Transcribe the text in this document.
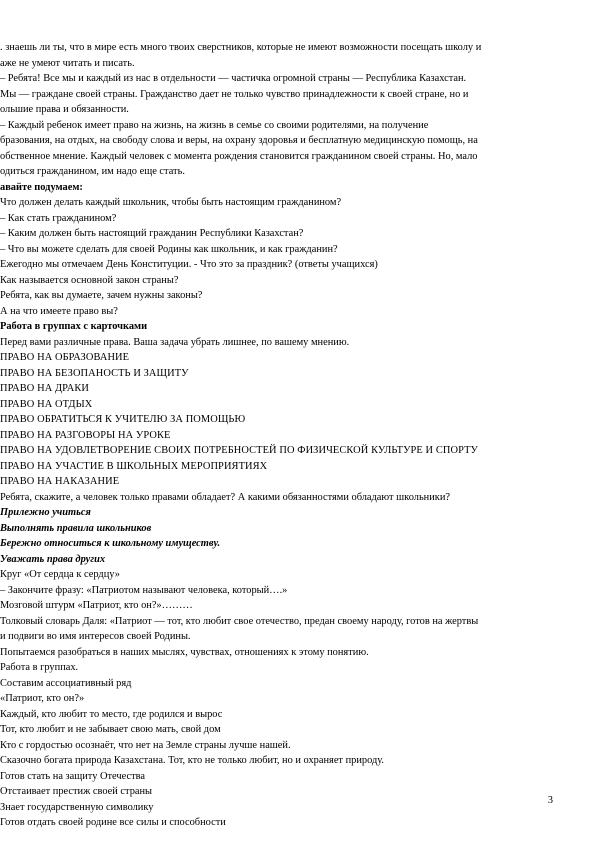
. знаешь ли ты, что в мире есть много твоих сверстников, которые не имеют возможности посещать школу и

аже не умеют читать и писать.

– Ребята! Все мы и каждый из нас в отдельности — частичка огромной страны — Республика Казахстан.

Мы — граждане своей страны. Гражданство дает не только чувство принадлежности к своей стране, но и

ольшие права и обязанности.

– Каждый ребенок имеет право на жизнь, на жизнь в семье со своими родителями, на получение

бразования, на отдых, на свободу слова и веры, на охрану здоровья и бесплатную медицинскую помощь, на

обственное мнение. Каждый человек с момента рождения становится гражданином своей страны. Но, мало

одиться гражданином, им надо еще стать.

авайте подумаем:

Что должен делать каждый школьник, чтобы быть настоящим гражданином?

– Как стать гражданином?

– Каким должен быть настоящий гражданин Республики Казахстан?

– Что вы можете сделать для своей Родины как школьник, и как гражданин?

Ежегодно мы отмечаем День Конституции. - Что это за праздник? (ответы учащихся)

Как называется основной закон страны?

Ребята, как вы думаете, зачем нужны законы?

А на что имеете право вы?

Работа в группах с карточками

Перед вами различные права. Ваша задача убрать лишнее, по вашему мнению.

ПРАВО НА ОБРАЗОВАНИЕ

ПРАВО НА БЕЗОПАНОСТЬ И ЗАЩИТУ

ПРАВО НА ДРАКИ

ПРАВО НА ОТДЫХ

ПРАВО ОБРАТИТЬСЯ К УЧИТЕЛЮ ЗА ПОМОЩЬЮ

ПРАВО НА РАЗГОВОРЫ НА УРОКЕ

ПРАВО НА УДОВЛЕТВОРЕНИЕ СВОИХ ПОТРЕБНОСТЕЙ ПО ФИЗИЧЕСКОЙ КУЛЬТУРЕ И СПОРТУ

ПРАВО НА УЧАСТИЕ В ШКОЛЬНЫХ МЕРОПРИЯТИЯХ

ПРАВО НА НАКАЗАНИЕ

Ребята, скажите, а человек только правами обладает? А какими обязанностями обладают школьники?

Прилежно учиться

Выполнять правила школьников

Бережно относиться к школьному имуществу.

Уважать права других

Круг «От сердца к сердцу»

– Закончите фразу: «Патриотом называют человека, который….»

Мозговой штурм «Патриот, кто он?»………

Толковый словарь Даля: «Патриот — тот, кто любит свое отечество, предан своему народу, готов на жертвы

и подвиги во имя интересов своей Родины.

Попытаемся разобраться в наших мыслях, чувствах, отношениях к этому понятию.

Работа в группах.

Составим ассоциативный ряд

«Патриот, кто он?»

Каждый, кто любит то место, где родился и вырос

Тот, кто любит и не забывает свою мать, свой дом

Кто с гордостью осознаёт, что нет на Земле страны лучше нашей.

Сказочно богата природа Казахстана. Тот, кто не только любит, но и охраняет природу.

Готов стать на защиту Отечества

Отстаивает престиж своей страны

Знает государственную символику

Готов отдать своей родине все силы и способности

3
